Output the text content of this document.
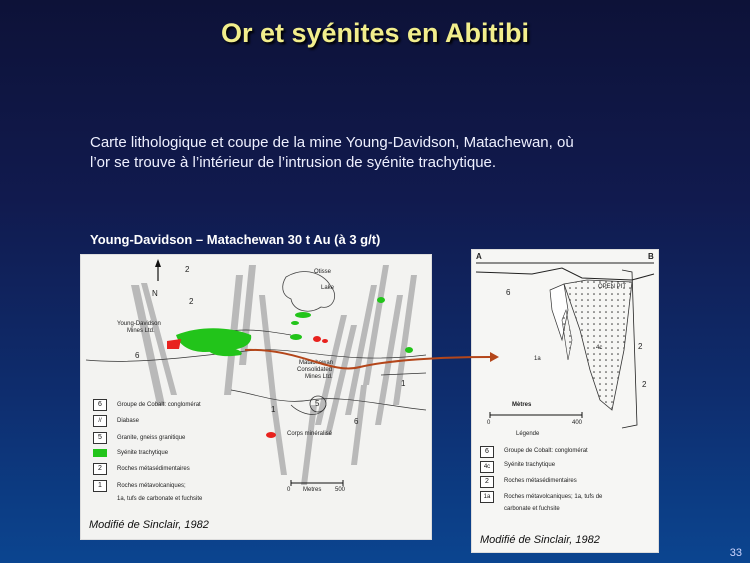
Or et syénites en Abitibi
Carte lithologique et coupe de la mine Young-Davidson, Matachewan, où
l’or se trouve à l’intérieur de l’intrusion de syénite trachytique.
Young-Davidson – Matachewan 30 t Au (à 3 g/t)
N
Young-Davidson
Mines Ltd.
Otisse
Lake
Matachewan
Consolidated
Mines Ltd.
2
2
6
1
5
1
6
Corps minéralisé
0 Metres 500
6	Groupe de Cobalt: conglomérat
//	Diabase
5	Granite, gneiss granitique
Syénite trachytique
2	Roches métasédimentaires
1	Roches métavolcaniques;
1a, tufs de carbonate et fuchsite
Modifié de Sinclair, 1982
A	B
OPEN PIT
6
4c	2
1a
2
Mètres
0	400
Légende
6	Groupe de Cobalt: conglomérat
4c	Syénite trachytique
2	Roches métasédimentaires
1a	Roches métavolcaniques; 1a, tufs de
carbonate et fuchsite
Modifié de Sinclair, 1982
33
